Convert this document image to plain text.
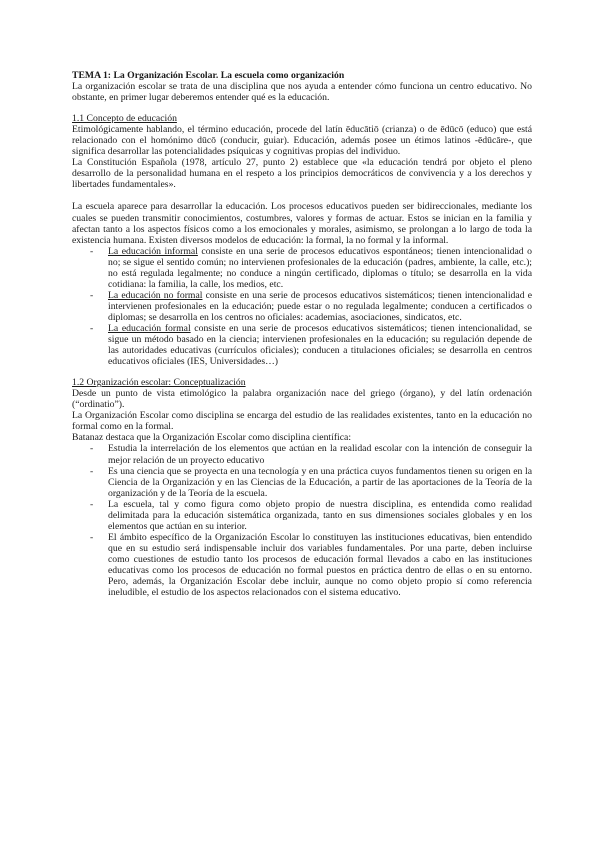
TEMA 1: La Organización Escolar. La escuela como organización

La organización escolar se trata de una disciplina que nos ayuda a entender cómo funciona un centro educativo. No obstante, en primer lugar deberemos entender qué es la educación.

1.1 Concepto de educación

Etimológicamente hablando, el término educación, procede del latín ēducātiō (crianza) o de ēdūcō (educo) que está relacionado con el homónimo dūcō (conducir, guiar). Educación, además posee un étimos latinos -ēdūcāre-, que significa desarrollar las potencialidades psíquicas y cognitivas propias del individuo.

La Constitución Española (1978, artículo 27, punto 2) establece que «la educación tendrá por objeto el pleno desarrollo de la personalidad humana en el respeto a los principios democráticos de convivencia y a los derechos y libertades fundamentales».

La escuela aparece para desarrollar la educación. Los procesos educativos pueden ser bidireccionales, mediante los cuales se pueden transmitir conocimientos, costumbres, valores y formas de actuar. Estos se inician en la familia y afectan tanto a los aspectos físicos como a los emocionales y morales, asimismo, se prolongan a lo largo de toda la existencia humana. Existen diversos modelos de educación: la formal, la no formal y la informal.

- La educación informal consiste en una serie de procesos educativos espontáneos; tienen intencionalidad o no; se sigue el sentido común; no intervienen profesionales de la educación (padres, ambiente, la calle, etc.); no está regulada legalmente; no conduce a ningún certificado, diplomas o título; se desarrolla en la vida cotidiana: la familia, la calle, los medios, etc.
- La educación no formal consiste en una serie de procesos educativos sistemáticos; tienen intencionalidad e intervienen profesionales en la educación; puede estar o no regulada legalmente; conducen a certificados o diplomas; se desarrolla en los centros no oficiales: academias, asociaciones, sindicatos, etc.
- La educación formal consiste en una serie de procesos educativos sistemáticos; tienen intencionalidad, se sigue un método basado en la ciencia; intervienen profesionales en la educación; su regulación depende de las autoridades educativas (currículos oficiales); conducen a titulaciones oficiales; se desarrolla en centros educativos oficiales (IES, Universidades…)

1.2 Organización escolar: Conceptualización

Desde un punto de vista etimológico la palabra organización nace del griego (órgano), y del latín ordenación (“ordinatio”).

La Organización Escolar como disciplina se encarga del estudio de las realidades existentes, tanto en la educación no formal como en la formal.

Batanaz destaca que la Organización Escolar como disciplina científica:

- Estudia la interrelación de los elementos que actúan en la realidad escolar con la intención de conseguir la mejor relación de un proyecto educativo
- Es una ciencia que se proyecta en una tecnología y en una práctica cuyos fundamentos tienen su origen en la Ciencia de la Organización y en las Ciencias de la Educación, a partir de las aportaciones de la Teoría de la organización y de la Teoría de la escuela.
- La escuela, tal y como figura como objeto propio de nuestra disciplina, es entendida como realidad delimitada para la educación sistemática organizada, tanto en sus dimensiones sociales globales y en los elementos que actúan en su interior.
- El ámbito específico de la Organización Escolar lo constituyen las instituciones educativas, bien entendido que en su estudio será indispensable incluir dos variables fundamentales. Por una parte, deben incluirse como cuestiones de estudio tanto los procesos de educación formal llevados a cabo en las instituciones educativas como los procesos de educación no formal puestos en práctica dentro de ellas o en su entorno. Pero, además, la Organización Escolar debe incluir, aunque no como objeto propio sí como referencia ineludible, el estudio de los aspectos relacionados con el sistema educativo.
